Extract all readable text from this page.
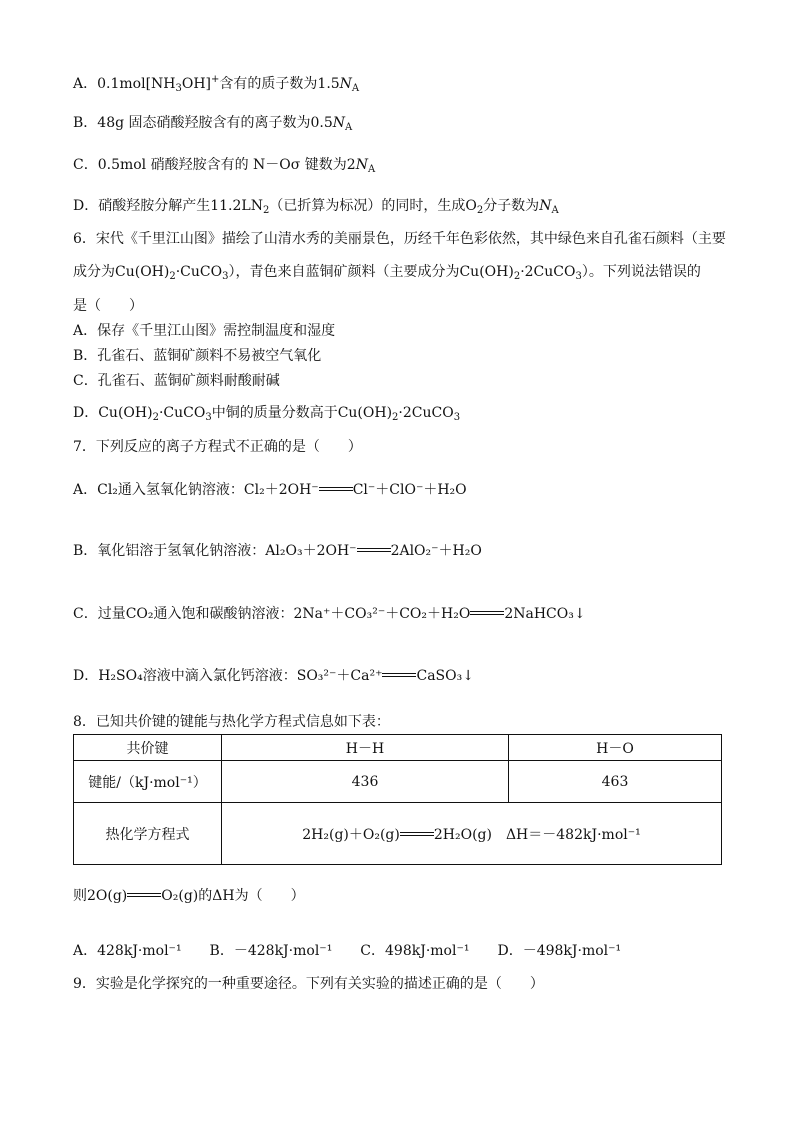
A．$0.1mol[NH_3OH]^+$含有的质子数为$1.5N_A$
B．48g 固态硝酸羟胺含有的离子数为$0.5N_A$
C．0.5mol 硝酸羟胺含有的 N－Oσ 键数为$2N_A$
D．硝酸羟胺分解产生$11.2LN_2$（已折算为标况）的同时，生成$O_2$分子数为$N_A$
6．宋代《千里江山图》描绘了山清水秀的美丽景色，历经千年色彩依然，其中绿色来自孔雀石颜料（主要
成分为$Cu(OH)_2\cdot CuCO_3$），青色来自蓝铜矿颜料（主要成分为$Cu(OH)_2\cdot 2CuCO_3$）。下列说法错误的
是（　　）
A．保存《千里江山图》需控制温度和湿度
B．孔雀石、蓝铜矿颜料不易被空气氧化
C．孔雀石、蓝铜矿颜料耐酸耐碱
D．$Cu(OH)_2\cdot CuCO_3$中铜的质量分数高于$Cu(OH)_2\cdot 2CuCO_3$
7．下列反应的离子方程式不正确的是（　　）
A．Cl₂通入氢氧化钠溶液：Cl₂＋2OH⁻ Cl⁻＋ClO⁻＋H₂O
B．氧化铝溶于氢氧化钠溶液：Al₂O₃＋2OH⁻ 2AlO₂⁻＋H₂O
C．过量CO₂通入饱和碳酸钠溶液：2Na⁺＋CO₃²⁻＋CO₂＋H₂O 2NaHCO₃↓
D．H₂SO₄溶液中滴入氯化钙溶液：SO₃²⁻＋Ca²⁺ CaSO₃↓
8．已知共价键的键能与热化学方程式信息如下表：
共价键	H－H	H－O
键能/（kJ·mol⁻¹）	436	463
热化学方程式	2H₂(g)＋O₂(g) 2H₂O(g)　ΔH＝－482kJ·mol⁻¹	
则2O(g) O₂(g)的ΔH为（　　）
A．428kJ·mol⁻¹　　B．－428kJ·mol⁻¹　　C．498kJ·mol⁻¹　　D．－498kJ·mol⁻¹
9．实验是化学探究的一种重要途径。下列有关实验的描述正确的是（　　）
